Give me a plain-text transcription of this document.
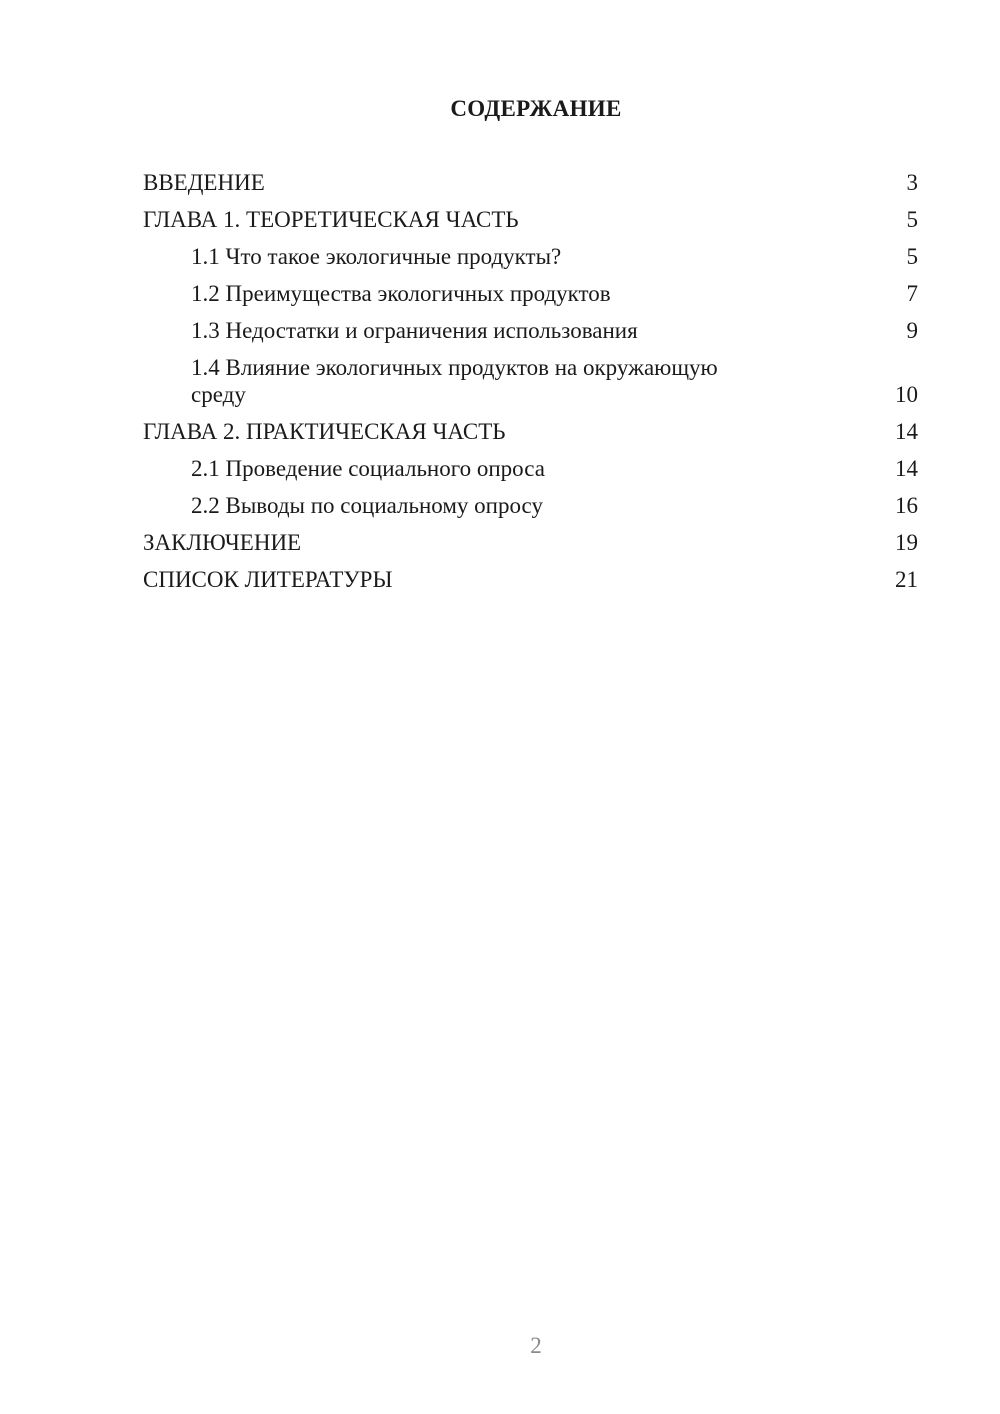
СОДЕРЖАНИЕ
ВВЕДЕНИЕ	3
ГЛАВА 1. ТЕОРЕТИЧЕСКАЯ ЧАСТЬ	5
1.1 Что такое экологичные продукты?	5
1.2 Преимущества экологичных продуктов	7
1.3 Недостатки и ограничения использования	9
1.4 Влияние экологичных продуктов на окружающую среду	10
ГЛАВА 2. ПРАКТИЧЕСКАЯ ЧАСТЬ	14
2.1 Проведение социального опроса	14
2.2 Выводы по социальному опросу	16
ЗАКЛЮЧЕНИЕ	19
СПИСОК ЛИТЕРАТУРЫ	21
2
